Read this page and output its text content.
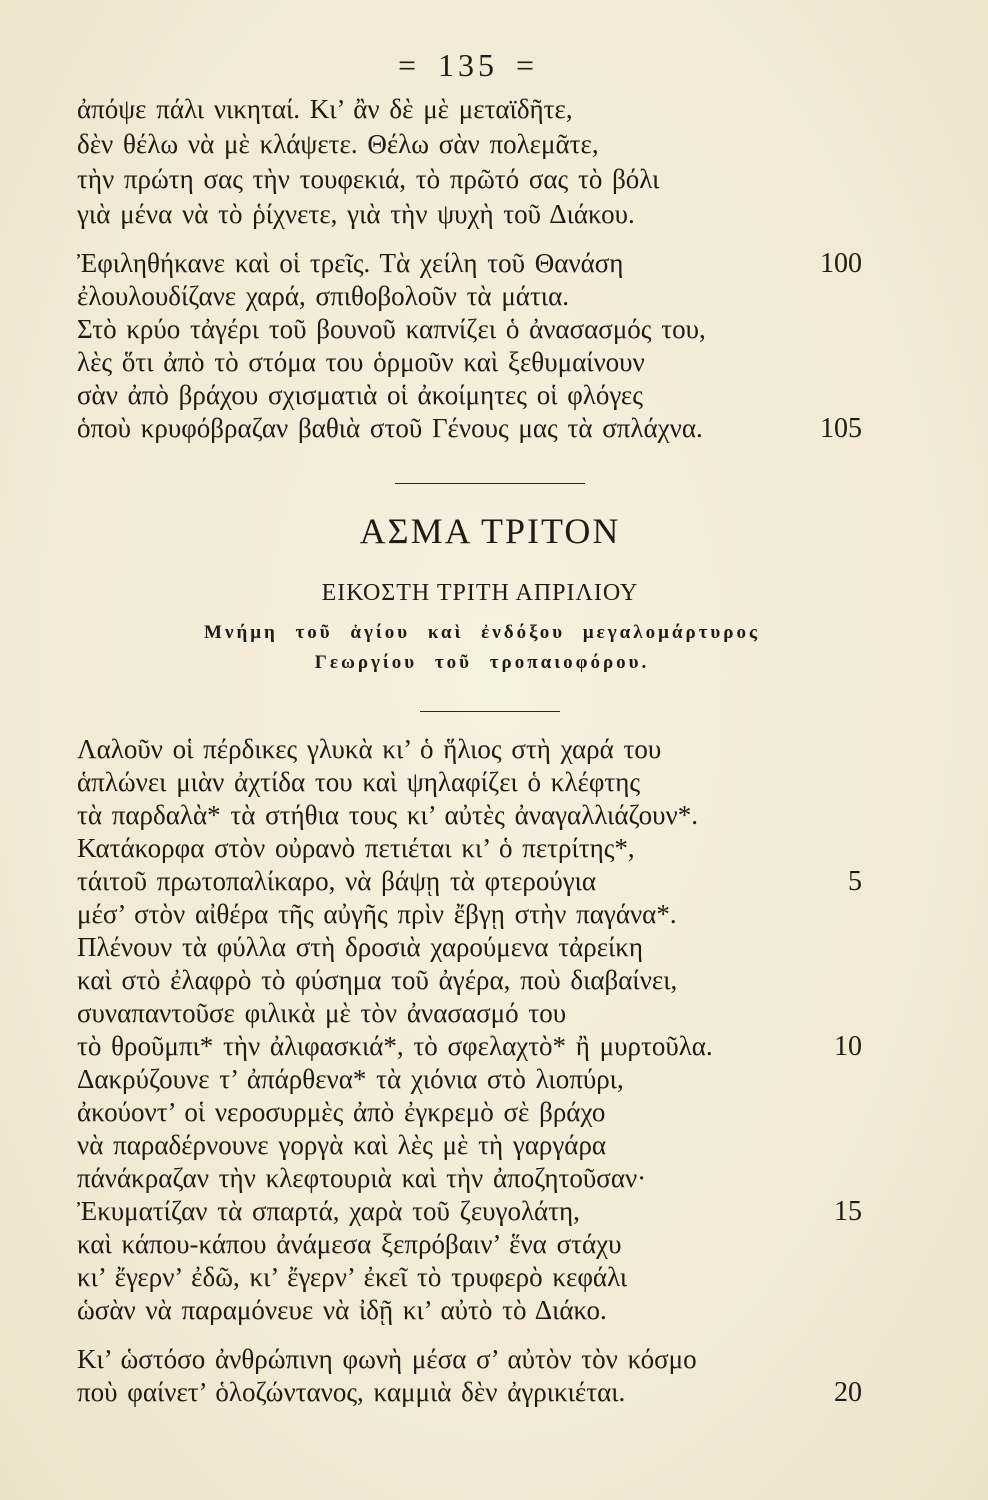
= 135 =
ἀπόψε πάλι νικηταί. Κι’ ἂν δὲ μὲ μεταϊδῆτε,
δὲν θέλω νὰ μὲ κλάψετε. Θέλω σὰν πολεμᾶτε,
τὴν πρώτη σας τὴν τουφεκιά, τὸ πρῶτό σας τὸ βόλι
γιὰ μένα νὰ τὸ ῥίχνετε, γιὰ τὴν ψυχὴ τοῦ Διάκου.
Ἐφιληθήκανε καὶ οἱ τρεῖς. Τὰ χείλη τοῦ Θανάση	100
ἐλουλουδίζανε χαρά, σπιθοβολοῦν τὰ μάτια.
Στὸ κρύο τἀγέρι τοῦ βουνοῦ καπνίζει ὁ ἀνασασμός του,
λὲς ὅτι ἀπὸ τὸ στόμα του ὁρμοῦν καὶ ξεθυμαίνουν
σὰν ἀπὸ βράχου σχισματιὰ οἱ ἀκοίμητες οἱ φλόγες
ὁποὺ κρυφόβραζαν βαθιὰ στοῦ Γένους μας τὰ σπλάχνα.	105
ΑΣΜΑ ΤΡΙΤΟΝ
ΕΙΚΟΣΤΗ ΤΡΙΤΗ ΑΠΡΙΛΙΟΥ
Μνήμη τοῦ ἁγίου καὶ ἐνδόξου μεγαλομάρτυρος
Γεωργίου τοῦ τροπαιοφόρου.
Λαλοῦν οἱ πέρδικες γλυκὰ κι’ ὁ ἥλιος στὴ χαρά του
ἁπλώνει μιὰν ἀχτίδα του καὶ ψηλαφίζει ὁ κλέφτης
τὰ παρδαλὰ* τὰ στήθια τους κι’ αὐτὲς ἀναγαλλιάζουν*.
Κατάκορφα στὸν οὐρανὸ πετιέται κι’ ὁ πετρίτης*,
τάιτοῦ πρωτοπαλίκαρο, νὰ βάψῃ τὰ φτερούγια	5
μέσ’ στὸν αἰθέρα τῆς αὐγῆς πρὶν ἔβγῃ στὴν παγάνα*.
Πλένουν τὰ φύλλα στὴ δροσιὰ χαρούμενα τἀρείκη
καὶ στὸ ἐλαφρὸ τὸ φύσημα τοῦ ἀγέρα, ποὺ διαβαίνει,
συναπαντοῦσε φιλικὰ μὲ τὸν ἀνασασμό του
τὸ θροῦμπι* τὴν ἀλιφασκιά*, τὸ σφελαχτὸ* ἢ μυρτοῦλα.	10
Δακρύζουνε τ’ ἀπάρθενα* τὰ χιόνια στὸ λιοπύρι,
ἀκούοντ’ οἱ νεροσυρμὲς ἀπὸ ἐγκρεμὸ σὲ βράχο
νὰ παραδέρνουνε γοργὰ καὶ λὲς μὲ τὴ γαργάρα
πάνάκραζαν τὴν κλεφτουριὰ καὶ τὴν ἀποζητοῦσαν·
Ἐκυματίζαν τὰ σπαρτά, χαρὰ τοῦ ζευγολάτη,	15
καὶ κάπου-κάπου ἀνάμεσα ξεπρόβαιν’ ἕνα στάχυ
κι’ ἔγερν’ ἐδῶ, κι’ ἔγερν’ ἐκεῖ τὸ τρυφερὸ κεφάλι
ὡσὰν νὰ παραμόνευε νὰ ἰδῇ κι’ αὐτὸ τὸ Διάκο.
Κι’ ὡστόσο ἀνθρώπινη φωνὴ μέσα σ’ αὐτὸν τὸν κόσμο
ποὺ φαίνετ’ ὁλοζώντανος, καμμιὰ δὲν ἀγρικιέται.	20
